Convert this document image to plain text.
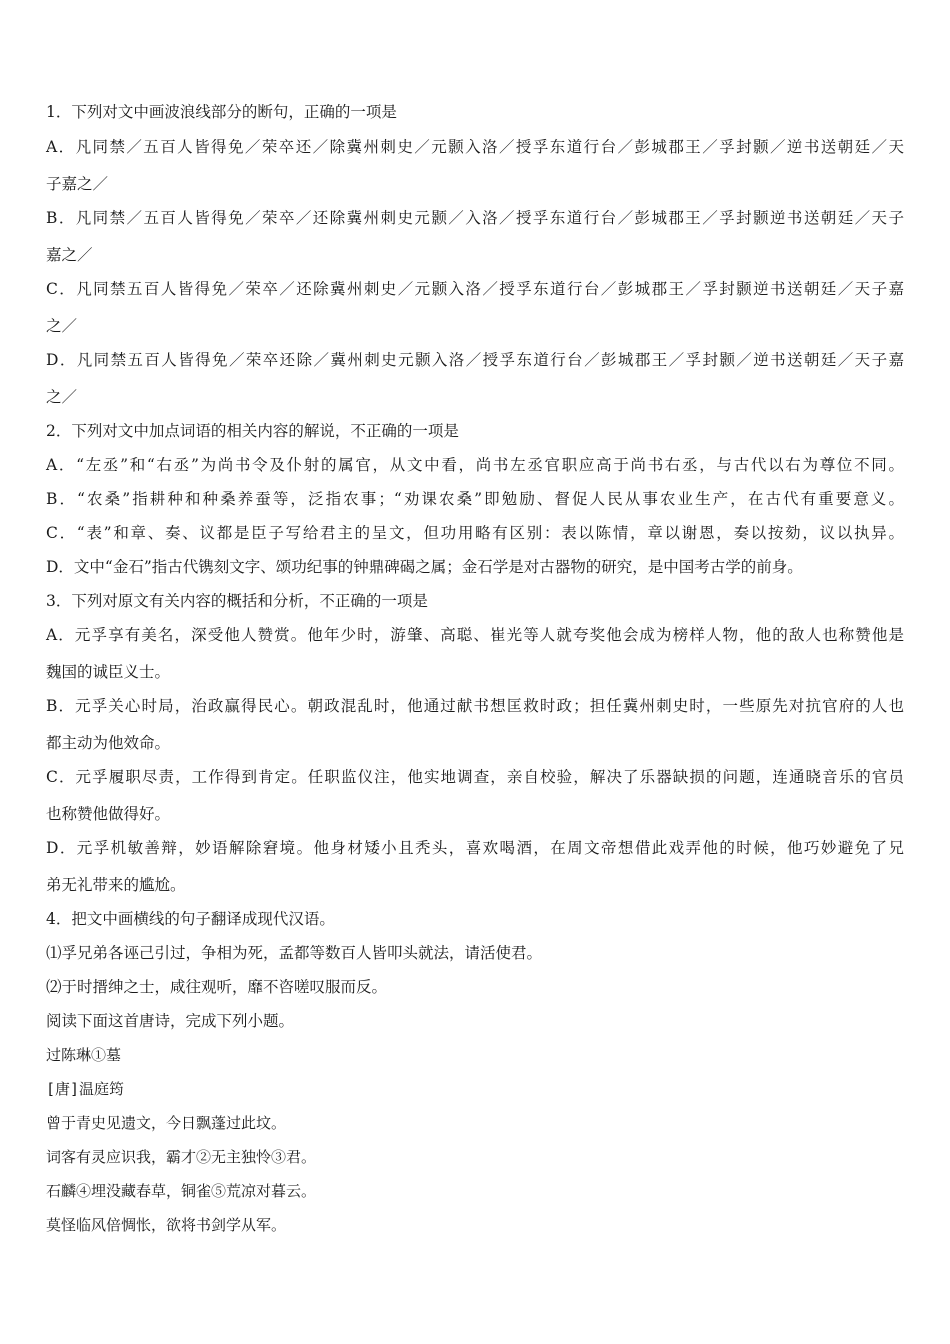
1．下列对文中画波浪线部分的断句，正确的一项是
A．凡同禁／五百人皆得免／荣卒还／除冀州刺史／元颢入洛／授孚东道行台／彭城郡王／孚封颢／逆书送朝廷／天
子嘉之／
B．凡同禁／五百人皆得免／荣卒／还除冀州刺史元颢／入洛／授孚东道行台／彭城郡王／孚封颢逆书送朝廷／天子
嘉之／
C．凡同禁五百人皆得免／荣卒／还除冀州刺史／元颢入洛／授孚东道行台／彭城郡王／孚封颢逆书送朝廷／天子嘉
之／
D．凡同禁五百人皆得免／荣卒还除／冀州刺史元颢入洛／授孚东道行台／彭城郡王／孚封颢／逆书送朝廷／天子嘉
之／
2．下列对文中加点词语的相关内容的解说，不正确的一项是
A．“左丞”和“右丞”为尚书令及仆射的属官，从文中看，尚书左丞官职应高于尚书右丞，与古代以右为尊位不同。
B．“农桑”指耕种和种桑养蚕等，泛指农事；“劝课农桑”即勉励、督促人民从事农业生产，在古代有重要意义。
C．“表”和章、奏、议都是臣子写给君主的呈文，但功用略有区别：表以陈情，章以谢恩，奏以按劾，议以执异。
D．文中“金石”指古代镌刻文字、颂功纪事的钟鼎碑碣之属；金石学是对古器物的研究，是中国考古学的前身。
3．下列对原文有关内容的概括和分析，不正确的一项是
A．元孚享有美名，深受他人赞赏。他年少时，游肇、高聪、崔光等人就夸奖他会成为榜样人物，他的敌人也称赞他是
魏国的诚臣义士。
B．元孚关心时局，治政赢得民心。朝政混乱时，他通过献书想匡救时政；担任冀州刺史时，一些原先对抗官府的人也
都主动为他效命。
C．元孚履职尽责，工作得到肯定。任职监仪注，他实地调查，亲自校验，解决了乐器缺损的问题，连通晓音乐的官员
也称赞他做得好。
D．元孚机敏善辩，妙语解除窘境。他身材矮小且秃头，喜欢喝酒，在周文帝想借此戏弄他的时候，他巧妙避免了兄
弟无礼带来的尴尬。
4．把文中画横线的句子翻译成现代汉语。
⑴孚兄弟各诬己引过，争相为死，孟都等数百人皆叩头就法，请活使君。
⑵于时搢绅之士，咸往观听，靡不咨嗟叹服而反。
阅读下面这首唐诗，完成下列小题。
过陈琳①墓
[唐]温庭筠
曾于青史见遗文，今日飘蓬过此坟。
词客有灵应识我，霸才②无主独怜③君。
石麟④埋没藏春草，铜雀⑤荒凉对暮云。
莫怪临风倍惆怅，欲将书剑学从军。
